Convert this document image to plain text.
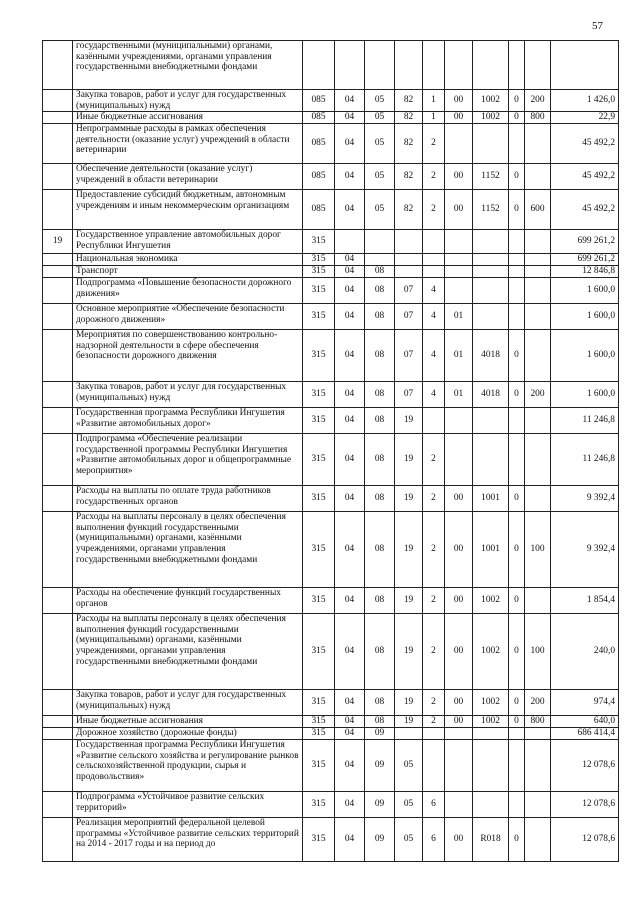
57
	государственными (муниципальными) органами, казёнными учреждениями, органами управления государственными внебюджетными фондами										
	Закупка товаров, работ и услуг для государственных (муниципальных) нужд	085	04	05	82	1	00	1002	0	200	1 426,0
	Иные бюджетные ассигнования	085	04	05	82	1	00	1002	0	800	22,9
	Непрограммные расходы в рамках обеспечения деятельности (оказание услуг) учреждений в области ветеринарии	085	04	05	82	2					45 492,2
	Обеспечение деятельности (оказание услуг) учреждений в области ветеринарии	085	04	05	82	2	00	1152	0		45 492,2
	Предоставление субсидий бюджетным, автономным учреждениям и иным некоммерческим организациям	085	04	05	82	2	00	1152	0	600	45 492,2
19	Государственное управление автомобильных дорог Республики Ингушетия	315									699 261,2
	Национальная экономика	315	04								699 261,2
	Транспорт	315	04	08							12 846,8
	Подпрограмма «Повышение безопасности дорожного движения»	315	04	08	07	4					1 600,0
	Основное мероприятие «Обеспечение безопасности дорожного движения»	315	04	08	07	4	01				1 600,0
	Мероприятия по совершенствованию контрольно-надзорной деятельности в сфере обеспечения безопасности дорожного движения	315	04	08	07	4	01	4018	0		1 600,0
	Закупка товаров, работ и услуг для государственных (муниципальных) нужд	315	04	08	07	4	01	4018	0	200	1 600,0
	Государственная программа Республики Ингушетия «Развитие автомобильных дорог»	315	04	08	19						11 246,8
	Подпрограмма «Обеспечение реализации государственной программы Республики Ингушетия «Развитие автомобильных дорог и общепрограммные мероприятия»	315	04	08	19	2					11 246,8
	Расходы на выплаты по оплате труда работников государственных органов	315	04	08	19	2	00	1001	0		9 392,4
	Расходы на выплаты персоналу в целях обеспечения выполнения функций государственными (муниципальными) органами, казёнными учреждениями, органами управления государственными внебюджетными фондами	315	04	08	19	2	00	1001	0	100	9 392,4
	Расходы на обеспечение функций государственных органов	315	04	08	19	2	00	1002	0		1 854,4
	Расходы на выплаты персоналу в целях обеспечения выполнения функций государственными (муниципальными) органами, казёнными учреждениями, органами управления государственными внебюджетными фондами	315	04	08	19	2	00	1002	0	100	240,0
	Закупка товаров, работ и услуг для государственных (муниципальных) нужд	315	04	08	19	2	00	1002	0	200	974,4
	Иные бюджетные ассигнования	315	04	08	19	2	00	1002	0	800	640,0
	Дорожное хозяйство (дорожные фонды)	315	04	09							686 414,4
	Государственная программа Республики Ингушетия «Развитие сельского хозяйства и регулирование рынков сельскохозяйственной продукции, сырья и продовольствия»	315	04	09	05						12 078,6
	Подпрограмма «Устойчивое развитие сельских территорий»	315	04	09	05	6					12 078,6
	Реализация мероприятий федеральной целевой программы «Устойчивое развитие сельских территорий на 2014 - 2017 годы и на период до	315	04	09	05	6	00	R018	0		12 078,6
